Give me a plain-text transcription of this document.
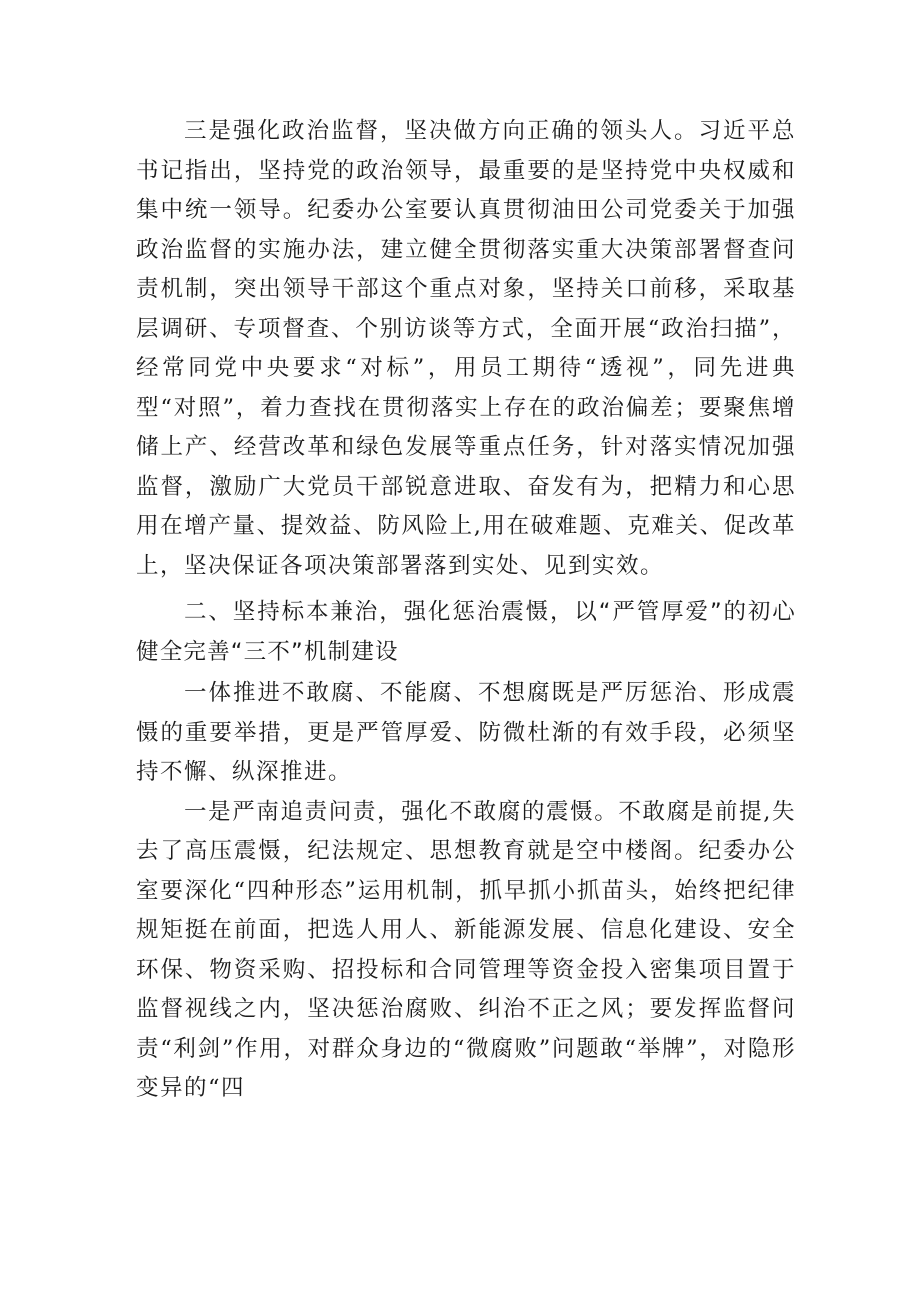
三是强化政治监督，坚决做方向正确的领头人。习近平总书记指出，坚持党的政治领导，最重要的是坚持党中央权威和集中统一领导。纪委办公室要认真贯彻油田公司党委关于加强政治监督的实施办法，建立健全贯彻落实重大决策部署督查问责机制，突出领导干部这个重点对象，坚持关口前移，采取基层调研、专项督查、个别访谈等方式，全面开展“政治扫描”，经常同党中央要求“对标”，用员工期待“透视”，同先进典型“对照”，着力查找在贯彻落实上存在的政治偏差；要聚焦增储上产、经营改革和绿色发展等重点任务，针对落实情况加强监督，激励广大党员干部锐意进取、奋发有为，把精力和心思用在增产量、提效益、防风险上,用在破难题、克难关、促改革上，坚决保证各项决策部署落到实处、见到实效。

二、坚持标本兼治，强化惩治震慑，以“严管厚爱”的初心健全完善“三不”机制建设

一体推进不敢腐、不能腐、不想腐既是严厉惩治、形成震慑的重要举措，更是严管厚爱、防微杜渐的有效手段，必须坚持不懈、纵深推进。

一是严南追责问责，强化不敢腐的震慑。不敢腐是前提,失去了高压震慑，纪法规定、思想教育就是空中楼阁。纪委办公室要深化“四种形态”运用机制，抓早抓小抓苗头，始终把纪律规矩挺在前面，把选人用人、新能源发展、信息化建设、安全环保、物资采购、招投标和合同管理等资金投入密集项目置于监督视线之内，坚决惩治腐败、纠治不正之风；要发挥监督问责“利剑”作用，对群众身边的“微腐败”问题敢“举牌”，对隐形变异的“四
